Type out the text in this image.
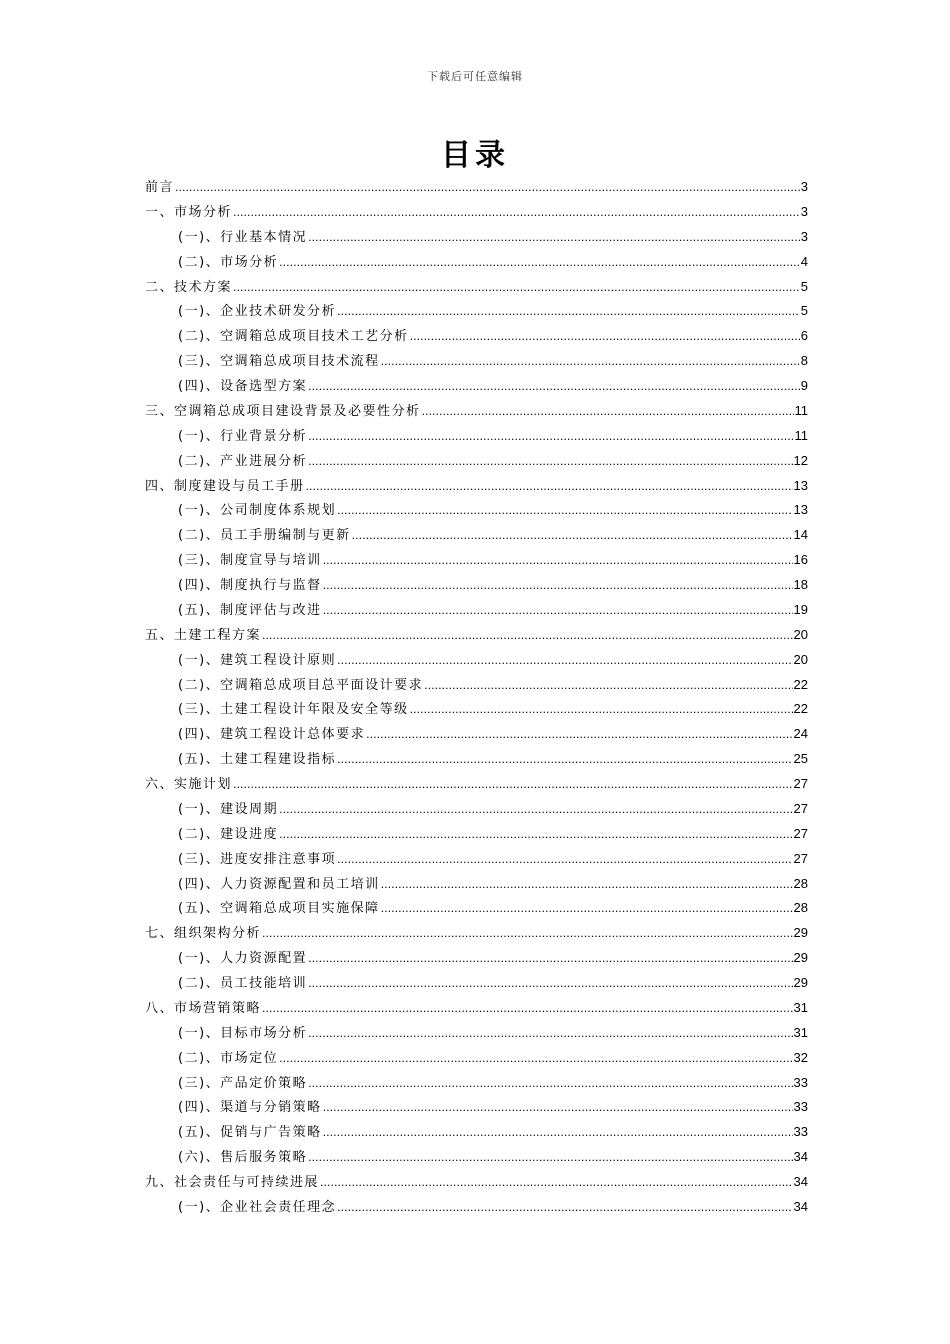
下载后可任意编辑
目录
前言 .....	3
一、市场分析 .....	3
(一)、行业基本情况 .....	3
(二)、市场分析 .....	4
二、技术方案 .....	5
(一)、企业技术研发分析 .....	5
(二)、空调箱总成项目技术工艺分析 .....	6
(三)、空调箱总成项目技术流程 .....	8
(四)、设备选型方案 .....	9
三、空调箱总成项目建设背景及必要性分析 .....	11
(一)、行业背景分析 .....	11
(二)、产业进展分析 .....	12
四、制度建设与员工手册 .....	13
(一)、公司制度体系规划 .....	13
(二)、员工手册编制与更新 .....	14
(三)、制度宣导与培训 .....	16
(四)、制度执行与监督 .....	18
(五)、制度评估与改进 .....	19
五、土建工程方案 .....	20
(一)、建筑工程设计原则 .....	20
(二)、空调箱总成项目总平面设计要求 .....	22
(三)、土建工程设计年限及安全等级 .....	22
(四)、建筑工程设计总体要求 .....	24
(五)、土建工程建设指标 .....	25
六、实施计划 .....	27
(一)、建设周期 .....	27
(二)、建设进度 .....	27
(三)、进度安排注意事项 .....	27
(四)、人力资源配置和员工培训 .....	28
(五)、空调箱总成项目实施保障 .....	28
七、组织架构分析 .....	29
(一)、人力资源配置 .....	29
(二)、员工技能培训 .....	29
八、市场营销策略 .....	31
(一)、目标市场分析 .....	31
(二)、市场定位 .....	32
(三)、产品定价策略 .....	33
(四)、渠道与分销策略 .....	33
(五)、促销与广告策略 .....	33
(六)、售后服务策略 .....	34
九、社会责任与可持续进展 .....	34
(一)、企业社会责任理念 .....	34
